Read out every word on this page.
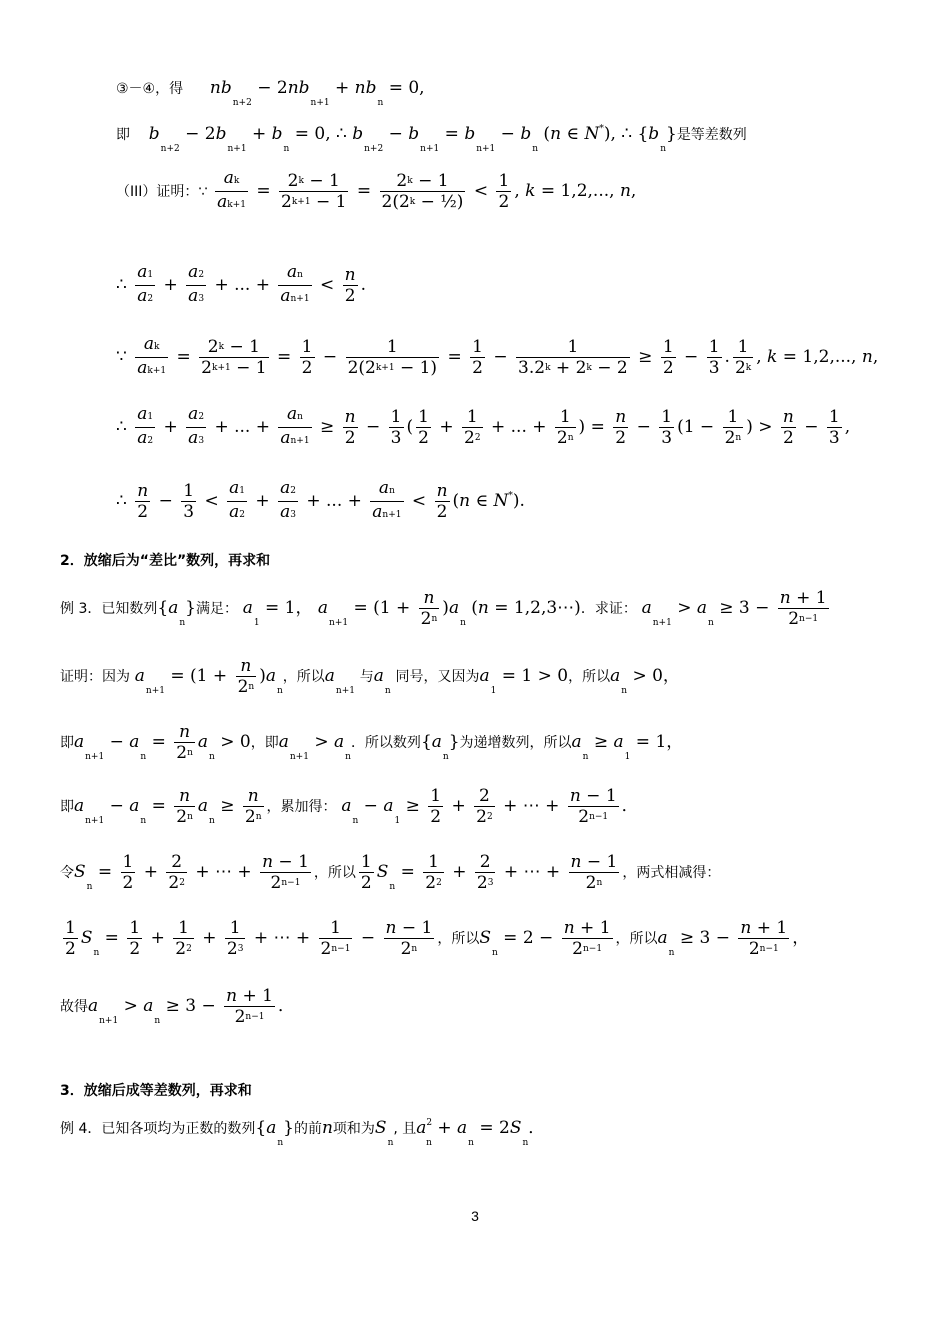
③－④，得 $nb_{n+2} - 2nb_{n+1} + nb_n = 0$,
即 $b_{n+2} - 2b_{n+1} + b_n = 0$, ∴ $b_{n+2} - b_{n+1} = b_{n+1} - b_n$ (n ∈ N*), ∴ $\{b_n\}$是等差数列
（III）证明：∵ $\frac{ak}{ak+1} = \frac{2^k - 1}{2^{k+1} - 1} = \frac{2^k - 1}{2(2^k - \frac{1}{2})} < \frac{1}{2}$ , k = 1,2,..., n,
∴ $\frac{a1}{a2} + \frac{a2}{a3}$ + ... + $\frac{an}{an+1} < \frac{n}{2}$ .
∵ $\frac{ak}{ak+1} = \frac{2^k - 1}{2^{k+1} - 1} = \frac{1}{2} - \frac{1}{2(2^{k+1} - 1)} = \frac{1}{2} - \frac{1}{3.2^k + 2^k - 2} \ge \frac{1}{2} - \frac{1}{3}$ . $\frac{1}{2^k}$ , k = 1,2,..., n,
∴ $\frac{a1}{a2} + \frac{a2}{a3}$ + ... + $\frac{an}{an+1} \ge \frac{n}{2} - \frac{1}{3}$ ( $\frac{1}{2} + \frac{1}{2^2}$ + ... + $\frac{1}{2^n}$ ) = $\frac{n}{2} - \frac{1}{3} (1 - \frac{1}{2^n}$ ) > $\frac{n}{2} - \frac{1}{3}$ ,
∴ $\frac{n}{2} - \frac{1}{3} < \frac{a1}{a2} + \frac{a2}{a3}$ + ... + $\frac{an}{an+1} < \frac{n}{2} (n$ ∈ N*).
2．放缩后为“差比”数列，再求和
例 3．已知数列$\{a_n\}$满足： $a_1 = 1$， $a_{n+1} = (1 + \frac{n}{2^n} )a_n$ (n = 1,2,3⋯)．求证： $a_{n+1} > a_n \ge 3 - \frac{n + 1}{2^{n-1}}$
证明：因为 $a_{n+1} = (1 + \frac{n}{2^n} )a_n$，所以$a_{n+1}$ 与$a_n$ 同号，又因为$a_1 = 1 > 0$，所以$a_n > 0$，
即$a_{n+1} - a_n = \frac{n}{2^n} a_n > 0$，即$a_{n+1} > a_n$．所以数列$\{a_n\}$为递增数列，所以$a_n \ge a_1 = 1$，
即$a_{n+1} - a_n = \frac{n}{2^n} a_n \ge \frac{n}{2^n}$ ，累加得： $a_n - a_1 \ge \frac{1}{2} + \frac{2}{2^2}$ + ⋯ + $\frac{n - 1}{2^{n-1}}$ ．
令$S_n = \frac{1}{2} + \frac{2}{2^2}$ + ⋯ + $\frac{n - 1}{2^{n-1}}$ ，所以 $\frac{1}{2} S_n = \frac{1}{2^2} + \frac{2}{2^3}$ + ⋯ + $\frac{n - 1}{2^n}$ ，两式相减得：
$\frac{1}{2} S_n = \frac{1}{2} + \frac{1}{2^2} + \frac{1}{2^3}$ + ⋯ + $\frac{1}{2^{n-1}} - \frac{n - 1}{2^n}$ ，所以$S_n = 2 - \frac{n + 1}{2^{n-1}}$ ，所以$a_n \ge 3 - \frac{n + 1}{2^{n-1}}$ ，
故得$a_{n+1} > a_n \ge 3 - \frac{n + 1}{2^{n-1}}$ ．
3．放缩后成等差数列，再求和
例 4．已知各项均为正数的数列$\{a_n\}$的前n项和为$S_n$, 且$a^2_n + a_n = 2S_n$．
3
